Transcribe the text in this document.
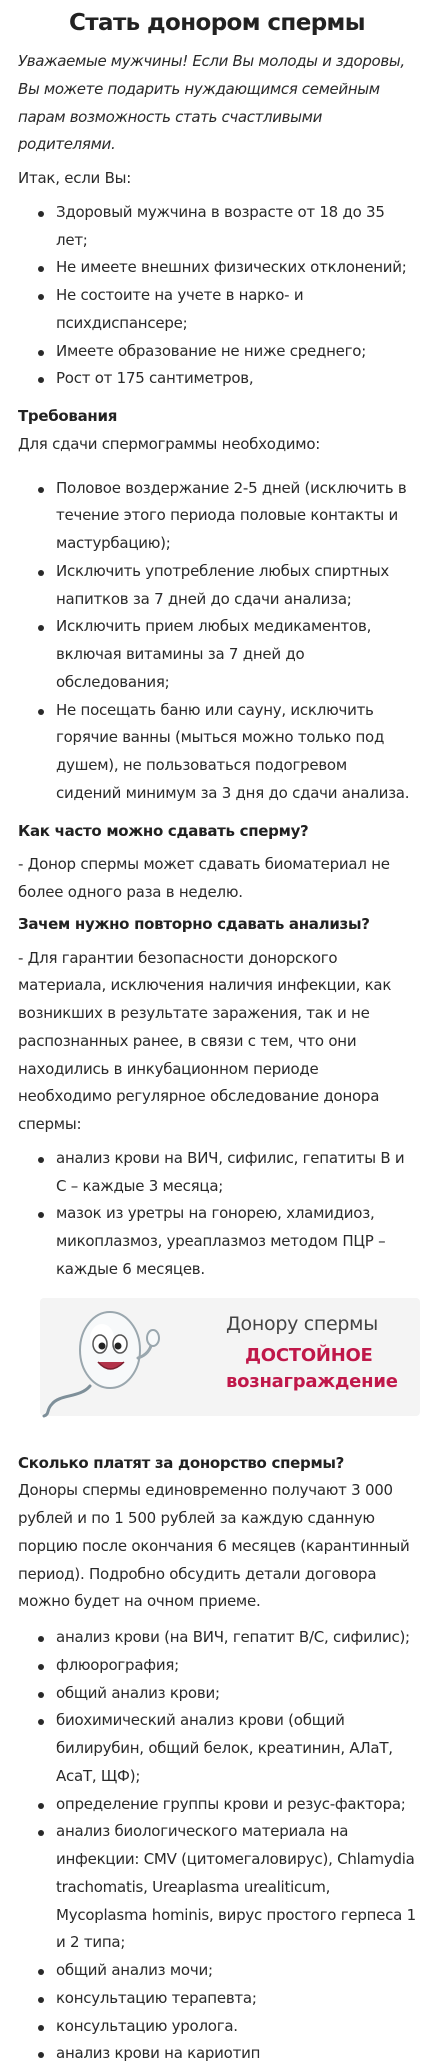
Стать донором спермы

Уважаемые мужчины! Если Вы молоды и здоровы, Вы можете подарить нуждающимся семейным парам возможность стать счастливыми родителями.

Итак, если Вы:

Здоровый мужчина в возрасте от 18 до 35 лет;
Не имеете внешних физических отклонений;
Не состоите на учете в нарко- и психдиспансере;
Имеете образование не ниже среднего;
Рост от 175 сантиметров,
Требования

Для сдачи спермограммы необходимо:

Половое воздержание 2-5 дней (исключить в течение этого периода половые контакты и мастурбацию);
Исключить употребление любых спиртных напитков за 7 дней до сдачи анализа;
Исключить прием любых медикаментов, включая витамины за 7 дней до обследования;
Не посещать баню или сауну, исключить горячие ванны (мыться можно только под душем), не пользоваться подогревом сидений минимум за 3 дня до сдачи анализа.
Как часто можно сдавать сперму?

- Донор спермы может сдавать биоматериал не более одного раза в неделю.

Зачем нужно повторно сдавать анализы?

- Для гарантии безопасности донорского материала, исключения наличия инфекции, как возникших в результате заражения, так и не распознанных ранее, в связи с тем, что они находились в инкубационном периоде необходимо регулярное обследование донора спермы:

анализ крови на ВИЧ, сифилис, гепатиты B и C – каждые 3 месяца;
мазок из уретры на гонорею, хламидиоз, микоплазмоз, уреаплазмоз методом ПЦР – каждые 6 месяцев.
Донору спермы
ДОСТОЙНОЕ
вознаграждение
Сколько платят за донорство спермы?

Доноры спермы единовременно получают 3 000 рублей и по 1 500 рублей за каждую сданную порцию после окончания 6 месяцев (карантинный период). Подробно обсудить детали договора можно будет на очном приеме.

анализ крови (на ВИЧ, гепатит B/C, сифилис);
флюорография;
общий анализ крови;
биохимический анализ крови (общий билирубин, общий белок, креатинин, АЛаТ, АсаТ, ЩФ);
определение группы крови и резус-фактора;
анализ биологического материала на инфекции: CMV (цитомегаловирус), Chlamydia trachomatis, Ureaplasma urealiticum, Mycoplasma hominis, вирус простого герпеса 1 и 2 типа;
общий анализ мочи;
консультацию терапевта;
консультацию уролога.
анализ крови на кариотип
